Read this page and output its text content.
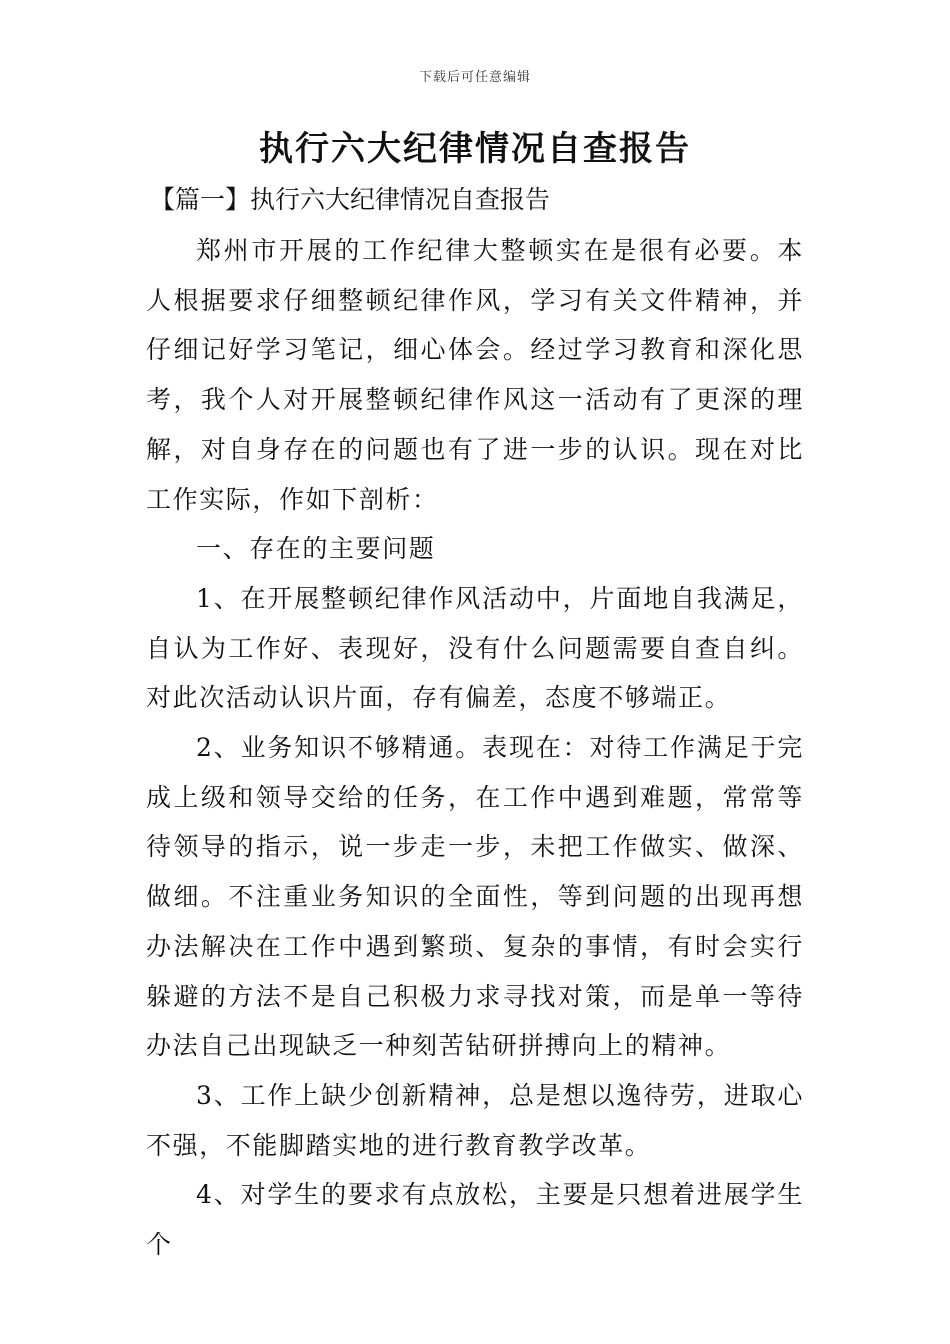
下载后可任意编辑
执行六大纪律情况自查报告
【篇一】执行六大纪律情况自查报告

郑州市开展的工作纪律大整顿实在是很有必要。本人根据要求仔细整顿纪律作风，学习有关文件精神，并仔细记好学习笔记，细心体会。经过学习教育和深化思考，我个人对开展整顿纪律作风这一活动有了更深的理解，对自身存在的问题也有了进一步的认识。现在对比工作实际，作如下剖析：

一、存在的主要问题

1、在开展整顿纪律作风活动中，片面地自我满足，自认为工作好、表现好，没有什么问题需要自查自纠。对此次活动认识片面，存有偏差，态度不够端正。

2、业务知识不够精通。表现在：对待工作满足于完成上级和领导交给的任务，在工作中遇到难题，常常等待领导的指示，说一步走一步，未把工作做实、做深、做细。不注重业务知识的全面性，等到问题的出现再想办法解决在工作中遇到繁琐、复杂的事情，有时会实行躲避的方法不是自己积极力求寻找对策，而是单一等待办法自己出现缺乏一种刻苦钻研拼搏向上的精神。

3、工作上缺少创新精神，总是想以逸待劳，进取心不强，不能脚踏实地的进行教育教学改革。

4、对学生的要求有点放松，主要是只想着进展学生个
